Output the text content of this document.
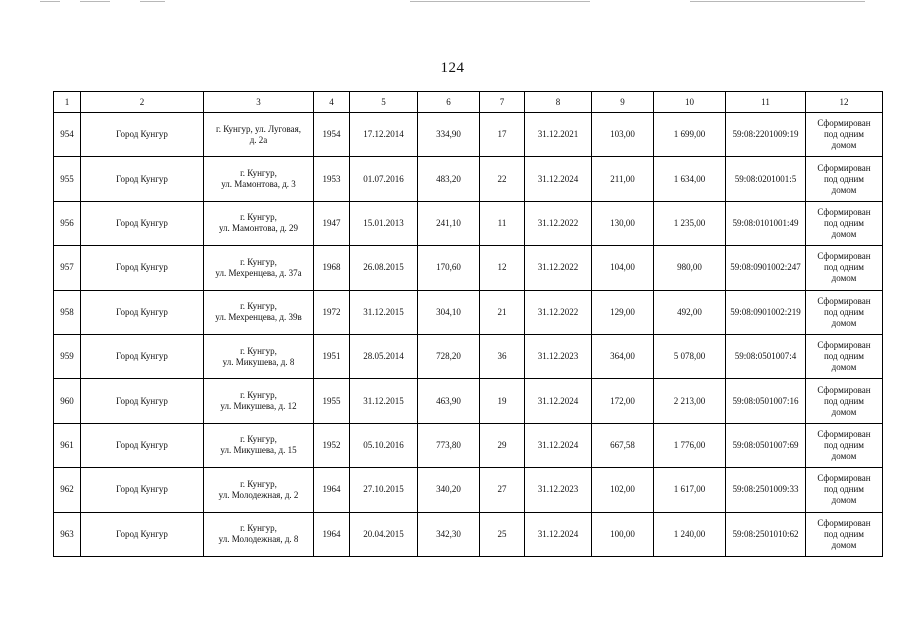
124
1	2	3	4	5	6	7	8	9	10	11	12
954	Город Кунгур	г. Кунгур, ул. Луговая,
д. 2а	1954	17.12.2014	334,90	17	31.12.2021	103,00	1 699,00	59:08:2201009:19	Сформирован
под одним
домом
955	Город Кунгур	г. Кунгур,
ул. Мамонтова, д. 3	1953	01.07.2016	483,20	22	31.12.2024	211,00	1 634,00	59:08:0201001:5	Сформирован
под одним
домом
956	Город Кунгур	г. Кунгур,
ул. Мамонтова, д. 29	1947	15.01.2013	241,10	11	31.12.2022	130,00	1 235,00	59:08:0101001:49	Сформирован
под одним
домом
957	Город Кунгур	г. Кунгур,
ул. Мехренцева, д. 37а	1968	26.08.2015	170,60	12	31.12.2022	104,00	980,00	59:08:0901002:247	Сформирован
под одним
домом
958	Город Кунгур	г. Кунгур,
ул. Мехренцева, д. 39в	1972	31.12.2015	304,10	21	31.12.2022	129,00	492,00	59:08:0901002:219	Сформирован
под одним
домом
959	Город Кунгур	г. Кунгур,
ул. Микушева, д. 8	1951	28.05.2014	728,20	36	31.12.2023	364,00	5 078,00	59:08:0501007:4	Сформирован
под одним
домом
960	Город Кунгур	г. Кунгур,
ул. Микушева, д. 12	1955	31.12.2015	463,90	19	31.12.2024	172,00	2 213,00	59:08:0501007:16	Сформирован
под одним
домом
961	Город Кунгур	г. Кунгур,
ул. Микушева, д. 15	1952	05.10.2016	773,80	29	31.12.2024	667,58	1 776,00	59:08:0501007:69	Сформирован
под одним
домом
962	Город Кунгур	г. Кунгур,
ул. Молодежная, д. 2	1964	27.10.2015	340,20	27	31.12.2023	102,00	1 617,00	59:08:2501009:33	Сформирован
под одним
домом
963	Город Кунгур	г. Кунгур,
ул. Молодежная, д. 8	1964	20.04.2015	342,30	25	31.12.2024	100,00	1 240,00	59:08:2501010:62	Сформирован
под одним
домом
